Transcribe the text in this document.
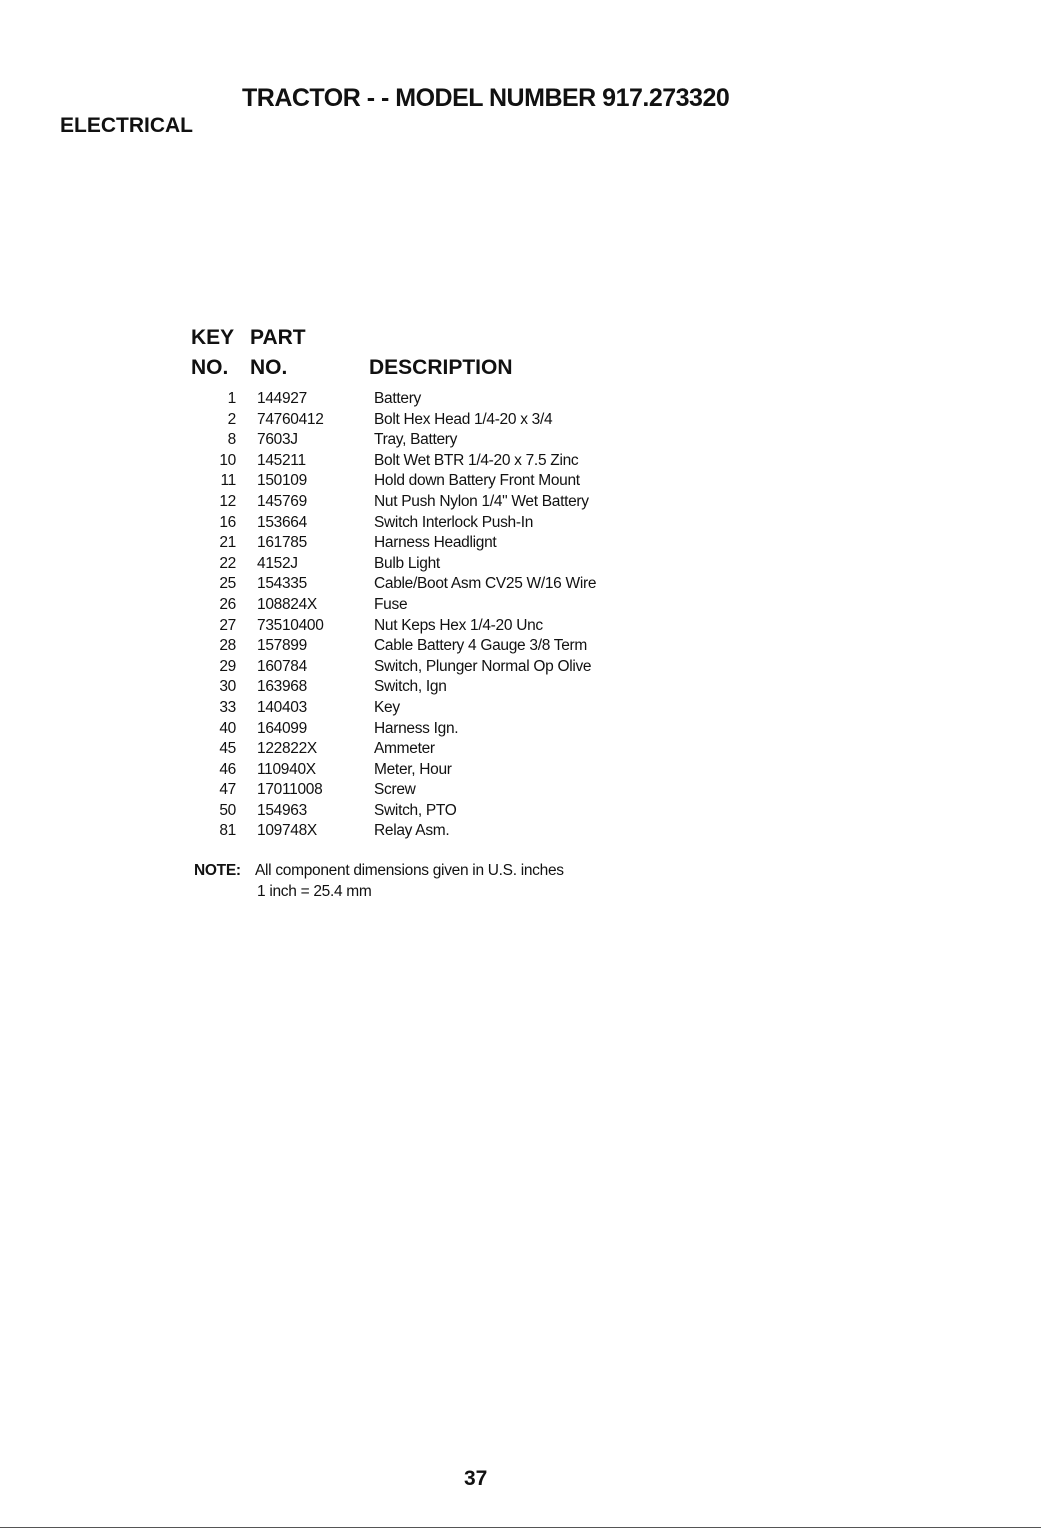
TRACTOR - - MODEL NUMBER 917.273320
ELECTRICAL
KEY PART
NO. NO.	DESCRIPTION
1 144927	Battery
2 74760412	Bolt Hex Head 1/4-20 x 3/4
8 7603J	Tray, Battery
10 145211	Bolt Wet BTR 1/4-20 x 7.5 Zinc
11 150109	Hold down Battery Front Mount
12 145769	Nut Push Nylon 1/4" Wet Battery
16 153664	Switch Interlock Push-In
21 161785	Harness Headlignt
22 4152J	Bulb Light
25 154335	Cable/Boot Asm CV25 W/16 Wire
26 108824X	Fuse
27 73510400	Nut Keps Hex 1/4-20 Unc
28 157899	Cable Battery 4 Gauge 3/8 Term
29 160784	Switch, Plunger Normal Op Olive
30 163968	Switch, Ign
33 140403	Key
40 164099	Harness Ign.
45 122822X	Ammeter
46 110940X	Meter, Hour
47 17011008	Screw
50 154963	Switch, PTO
81 109748X	Relay Asm.
NOTE: All component dimensions given in U.S. inches
1 inch = 25.4 mm
37
